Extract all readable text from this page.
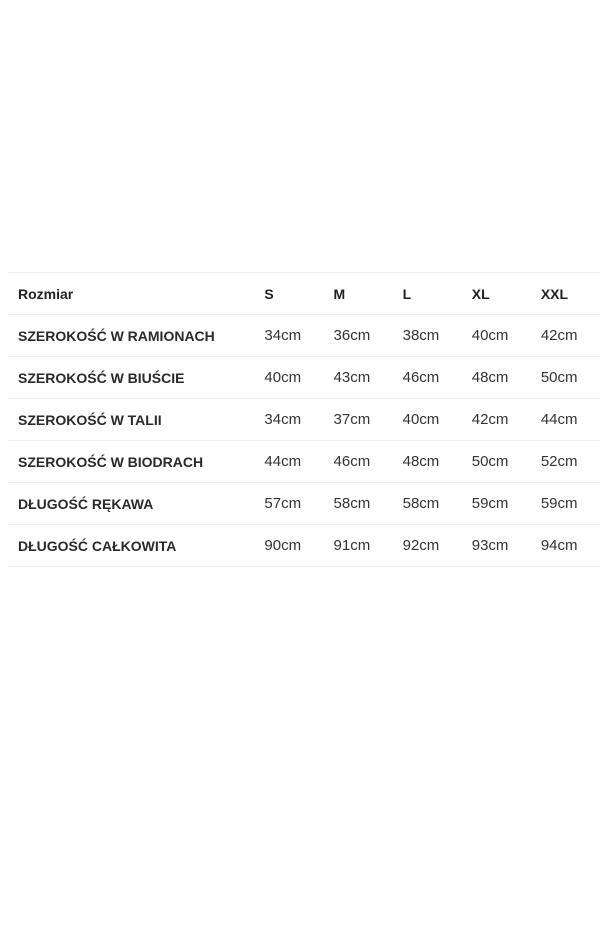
Rozmiar	S	M	L	XL	XXL
SZEROKOŚĆ W RAMIONACH	34cm	36cm	38cm	40cm	42cm
SZEROKOŚĆ W BIUŚCIE	40cm	43cm	46cm	48cm	50cm
SZEROKOŚĆ W TALII	34cm	37cm	40cm	42cm	44cm
SZEROKOŚĆ W BIODRACH	44cm	46cm	48cm	50cm	52cm
DŁUGOŚĆ RĘKAWA	57cm	58cm	58cm	59cm	59cm
DŁUGOŚĆ CAŁKOWITA	90cm	91cm	92cm	93cm	94cm
